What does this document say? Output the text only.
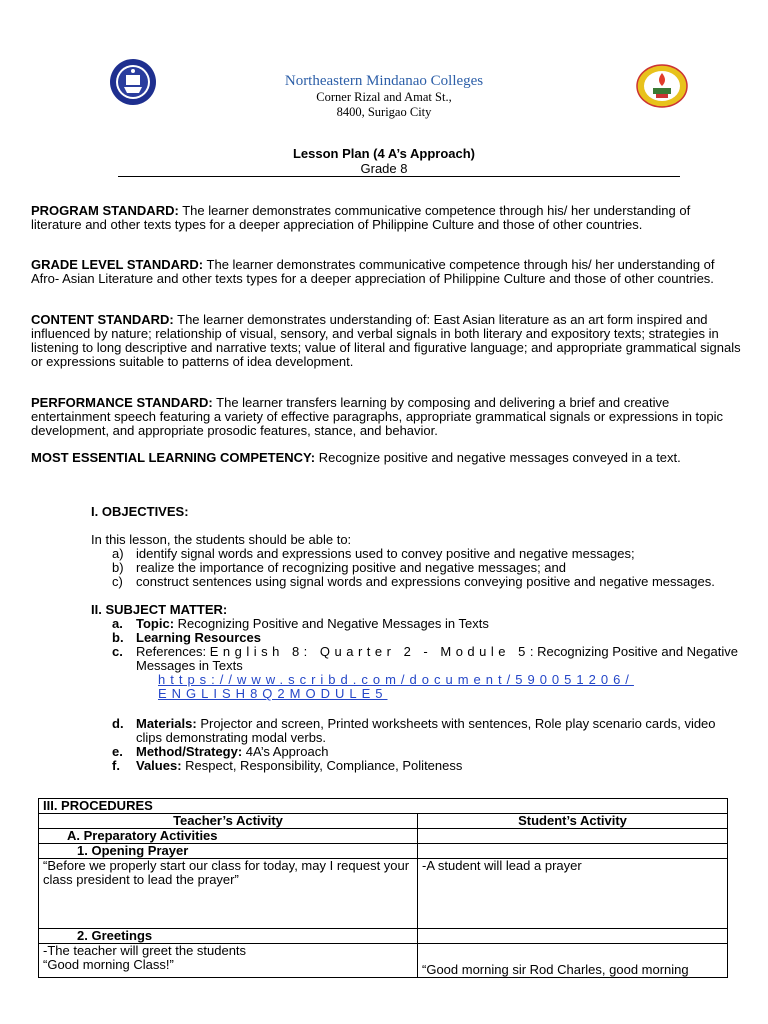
Northeastern Mindanao Colleges
Corner Rizal and Amat St.,
8400, Surigao City
Lesson Plan (4 A’s Approach)
Grade 8

PROGRAM STANDARD: The learner demonstrates communicative competence through his/ her understanding of literature and other texts types for a deeper appreciation of Philippine Culture and those of other countries.

GRADE LEVEL STANDARD: The learner demonstrates communicative competence through his/ her understanding of Afro- Asian Literature and other texts types for a deeper appreciation of Philippine Culture and those of other countries.

CONTENT STANDARD: The learner demonstrates understanding of: East Asian literature as an art form inspired and influenced by nature; relationship of visual, sensory, and verbal signals in both literary and expository texts; strategies in listening to long descriptive and narrative texts; value of literal and figurative language; and appropriate grammatical signals or expressions suitable to patterns of idea development.

PERFORMANCE STANDARD: The learner transfers learning by composing and delivering a brief and creative entertainment speech featuring a variety of effective paragraphs, appropriate grammatical signals or expressions in topic development, and appropriate prosodic features, stance, and behavior.

MOST ESSENTIAL LEARNING COMPETENCY: Recognize positive and negative messages conveyed in a text.

I. OBJECTIVES:
In this lesson, the students should be able to:
a) identify signal words and expressions used to convey positive and negative messages;
b) realize the importance of recognizing positive and negative messages; and
c) construct sentences using signal words and expressions conveying positive and negative messages.
II. SUBJECT MATTER:
a. Topic: Recognizing Positive and Negative Messages in Texts
b. Learning Resources
c. References: English 8: Quarter 2 - Module 5: Recognizing Positive and Negative Messages in Texts
https://www.scribd.com/document/590051206/
ENGLISH8Q2MODULE5
d. Materials: Projector and screen, Printed worksheets with sentences, Role play scenario cards, video clips demonstrating modal verbs.
e. Method/Strategy: 4A’s Approach
f. Values: Respect, Responsibility, Compliance, Politeness
III. PROCEDURES	
Teacher’s Activity	Student’s Activity
A. Preparatory Activities	
1. Opening Prayer	
“Before we properly start our class for today, may I request your class president to lead the prayer”	-A student will lead a prayer
2. Greetings	

-The teacher will greet the students
“Good morning Class!”	“Good morning sir Rod Charles, good morning
